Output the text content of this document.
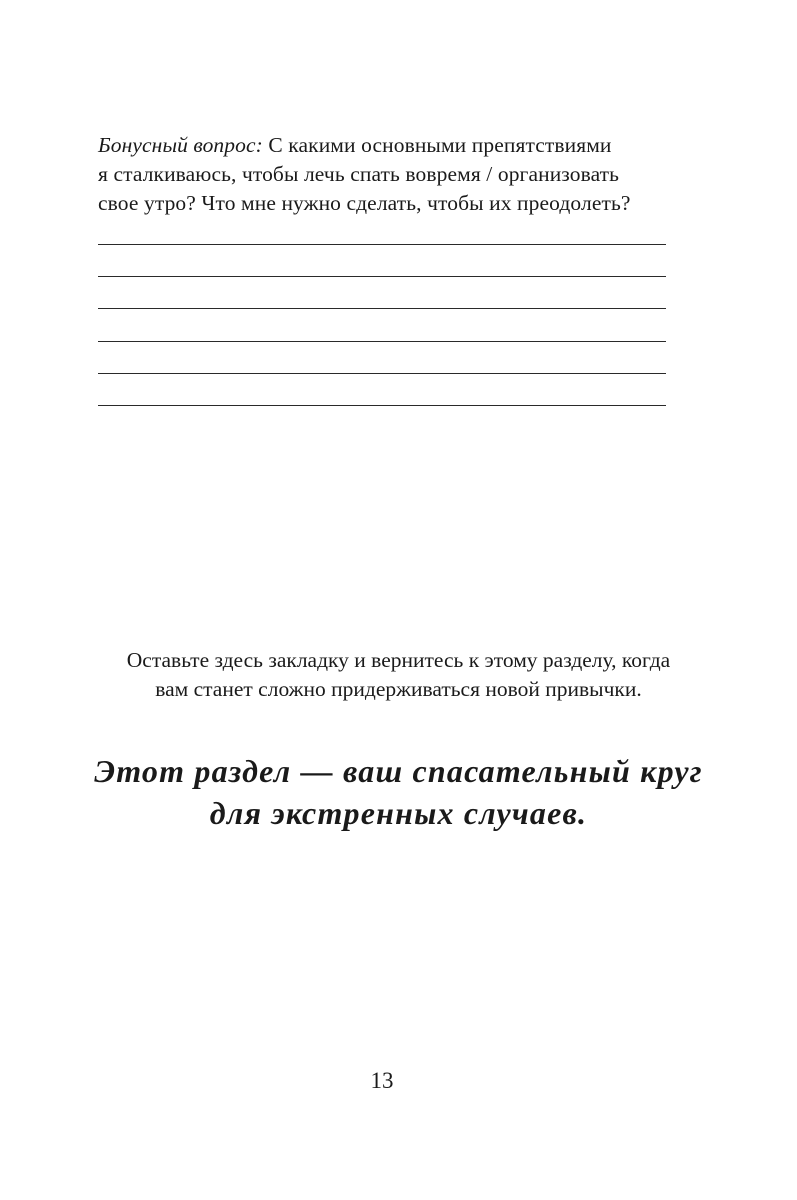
Бонусный вопрос: С какими основными препятствиями
я сталкиваюсь, чтобы лечь спать вовремя / организовать
свое утро? Что мне нужно сделать, чтобы их преодолеть?
Оставьте здесь закладку и вернитесь к этому разделу, когда
вам станет сложно придерживаться новой привычки.
Этот раздел — ваш спасательный круг
для экстренных случаев.
13
